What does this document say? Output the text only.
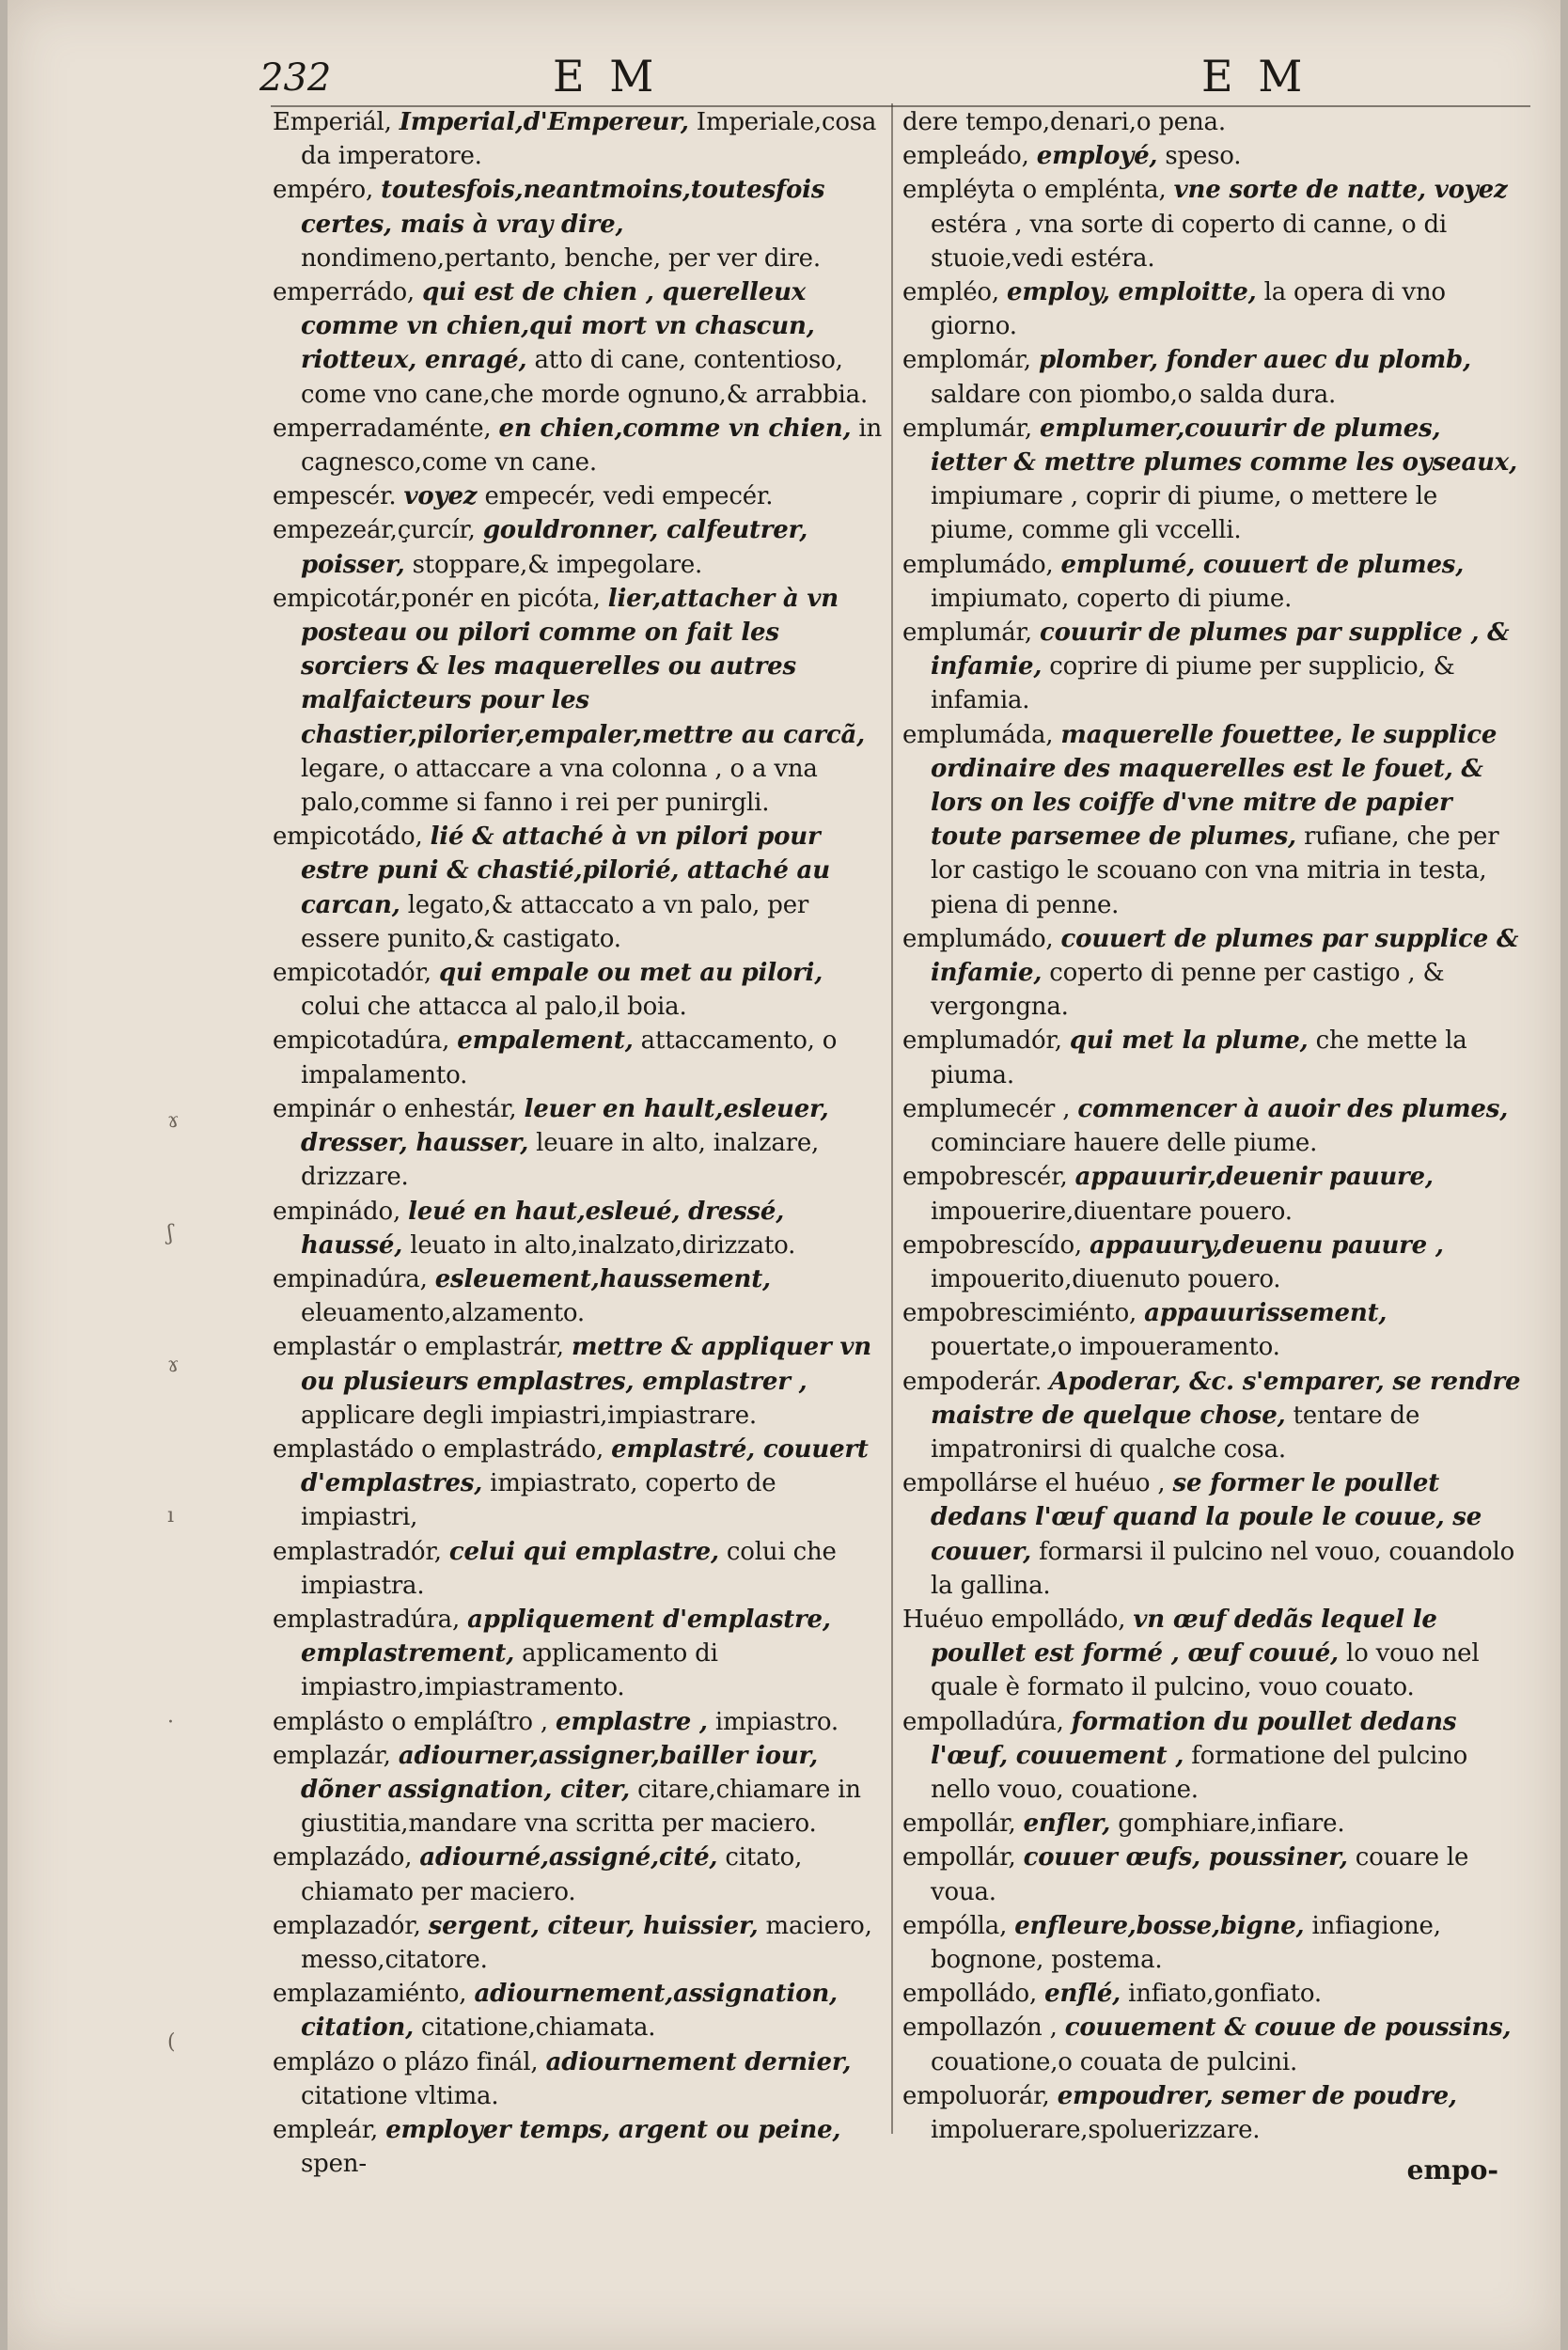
232	E M	E M
Emperiál, Imperial,d'Empereur, Imperiale,cosa da imperatore.
empéro, toutesfois,neantmoins,toutesfois certes, mais à vray dire, nondimeno,pertanto, benche, per ver dire.
emperrádo, qui est de chien , querelleux comme vn chien,qui mort vn chascun, riotteux, enragé, atto di cane, contentioso, come vno cane,che morde ognuno,& arrabbia.
emperradaménte, en chien,comme vn chien, in cagnesco,come vn cane.
empescér. voyez empecér, vedi empecér.
empezeár,çurcír, gouldronner, calfeutrer, poisser, stoppare,& impegolare.
empicotár,ponér en picóta, lier,attacher à vn posteau ou pilori comme on fait les sorciers & les maquerelles ou autres malfaicteurs pour les chastier,pilorier,empaler,mettre au carcã, legare, o attaccare a vna colonna , o a vna palo,comme si fanno i rei per punirgli.
empicotádo, lié & attaché à vn pilori pour estre puni & chastié,pilorié, attaché au carcan, legato,& attaccato a vn palo, per essere punito,& castigato.
empicotadór, qui empale ou met au pilori, colui che attacca al palo,il boia.
empicotadúra, empalement, attaccamento, o impalamento.
empinár o enhestár, leuer en hault,esleuer, dresser, hausser, leuare in alto, inalzare, drizzare.
empinádo, leué en haut,esleué, dressé, haussé, leuato in alto,inalzato,dirizzato.
empinadúra, esleuement,haussement, eleuamento,alzamento.
emplastár o emplastrár, mettre & appliquer vn ou plusieurs emplastres, emplastrer , applicare degli impiastri,impiastrare.
emplastádo o emplastrádo, emplastré, couuert d'emplastres, impiastrato, coperto de impiastri,
emplastradór, celui qui emplastre, colui che impiastra.
emplastradúra, appliquement d'emplastre, emplastrement, applicamento di impiastro,impiastramento.
emplásto o empláſtro , emplastre , impiastro.
emplazár, adiourner,assigner,bailler iour, dõner assignation, citer, citare,chiamare in giustitia,mandare vna scritta per maciero.
emplazádo, adiourné,assigné,cité, citato, chiamato per maciero.
emplazadór, sergent, citeur, huissier, maciero, messo,citatore.
emplazamiénto, adiournement,assignation, citation, citatione,chiamata.
emplázo o plázo finál, adiournement dernier, citatione vltima.
empleár, employer temps, argent ou peine, spen-
dere tempo,denari,o pena.
empleádo, employé, speso.
empléyta o empléntа, vne sorte de natte, voyez estéra , vna sorte di coperto di canne, o di stuoie,vedi estéra.
empléo, employ, emploitte, la opera di vno giorno.
emplomár, plomber, fonder auec du plomb, saldare con piombo,o salda dura.
emplumár, emplumer,couurir de plumes, ietter & mettre plumes comme les oyseaux, impiumare , coprir di piume, o mettere le piume, comme gli vccelli.
emplumádo, emplumé, couuert de plumes, impiumato, coperto di piume.
emplumár, couurir de plumes par supplice , & infamie, coprire di piume per supplicio, & infamia.
emplumáda, maquerelle fouettee, le supplice ordinaire des maquerelles est le fouet, & lors on les coiffe d'vne mitre de papier toute parsemee de plumes, rufiane, che per lor castigo le scouano con vna mitria in testa, piena di penne.
emplumádo, couuert de plumes par supplice & infamie, coperto di penne per castigo , & vergongna.
emplumadór, qui met la plume, che mette la piuma.
emplumecér , commencer à auoir des plumes, cominciare hauere delle piume.
empobrescér, appauurir,deuenir pauure, impouerire,diuentare pouero.
empobrescído, appauury,deuenu pauure , impouerito,diuenuto pouero.
empobrescimiénto, appauurissement, pouertate,o impoueramento.
empoderár. Apoderar, &c. s'emparer, se rendre maistre de quelque chose, tentare de impatronirsi di qualche cosa.
empollárse el huéuo , se former le poullet dedans l'œuf quand la poule le couue, se couuer, formarsi il pulcino nel vouo, couandolo la gallina.
Huéuo empolládo, vn œuf dedãs lequel le poullet est formé , œuf couué, lo vouo nel quale è formato il pulcino, vouo couato.
empolladúra, formation du poullet dedans l'œuf, couuement , formatione del pulcino nello vouo, couatione.
empollár, enfler, gomphiare,infiare.
empollár, couuer œufs, poussiner, couare le voua.
empólla, enfleure,bosse,bigne, infiagione, bognone, postema.
empolládo, enflé, infiato,gonfiato.
empollazón , couuement & couue de poussins, couatione,o couata de pulcini.
empoluorár, empoudrer, semer de poudre, impoluerare,spoluerizzare.
ɤ
ʃ
ɤ
ı
·
(
empo-
